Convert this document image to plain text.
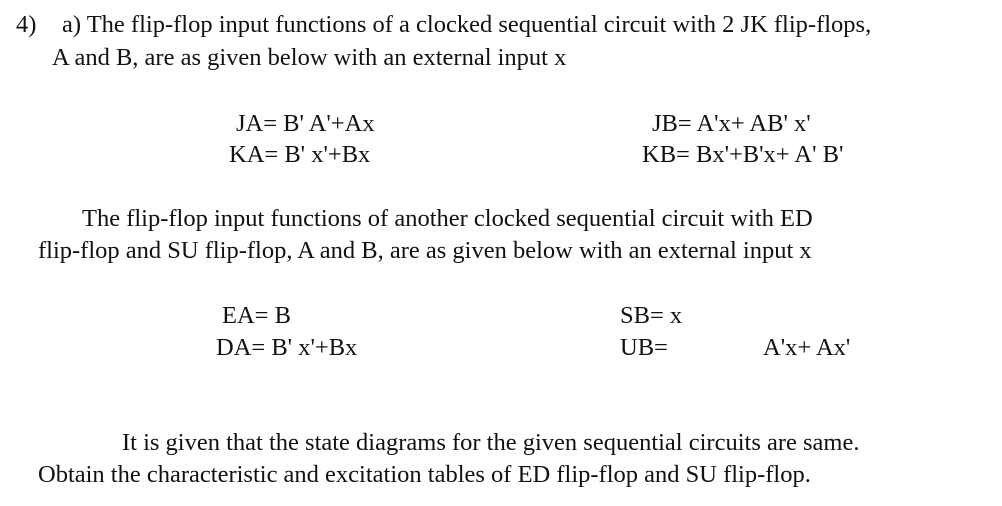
4) a) The flip-flop input functions of a clocked sequential circuit with 2 JK flip-flops,
A and B, are as given below with an external input x
JA= B' A'+Ax
KA= B' x'+Bx
JB= A'x+ AB' x'
KB= Bx'+B'x+ A' B'
The flip-flop input functions of another clocked sequential circuit with ED
flip-flop and SU flip-flop, A and B, are as given below with an external input x
EA= B
DA= B' x'+Bx
SB= x
UB=	A'x+ Ax'
It is given that the state diagrams for the given sequential circuits are same.
Obtain the characteristic and excitation tables of ED flip-flop and SU flip-flop.
